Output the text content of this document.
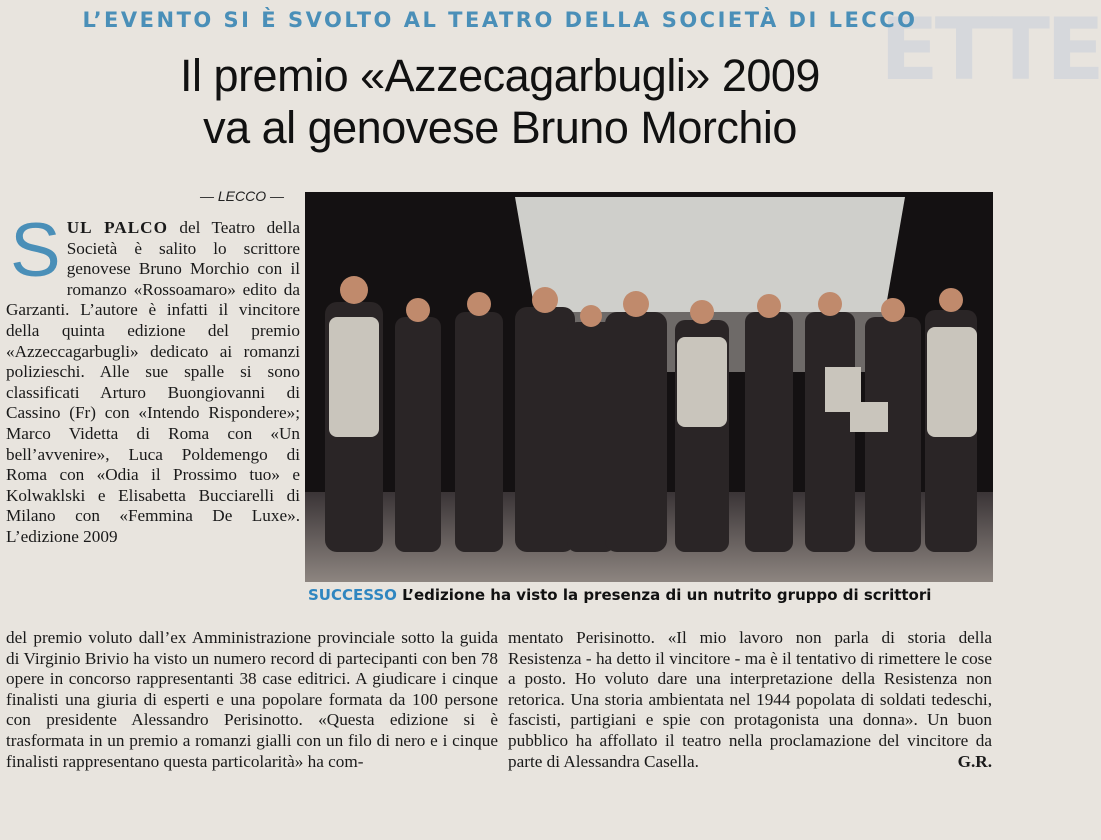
ETTE
L’EVENTO SI È SVOLTO AL TEATRO DELLA SOCIETÀ DI LECCO
Il premio «Azzecagarbugli» 2009
va al genovese Bruno Morchio
— LECCO —
SUL PALCO del Teatro della Società è salito lo scrittore genovese Bruno Morchio con il romanzo «Rossoamaro» edito da Garzanti. L’autore è infatti il vincitore della quinta edizione del premio «Azzeccagarbugli» dedicato ai romanzi polizieschi. Alle sue spalle si sono classificati Arturo Buongiovanni di Cassino (Fr) con «Intendo Rispondere»; Marco Videtta di Roma con «Un bell’avvenire», Luca Poldemengo di Roma con «Odia il Prossimo tuo» e Kolwaklski e Elisabetta Bucciarelli di Milano con «Femmina De Luxe». L’edizione 2009
SUCCESSO L’edizione ha visto la presenza di un nutrito gruppo di scrittori
del premio voluto dall’ex Amministrazione provinciale sotto la guida di Virginio Brivio ha visto un numero record di partecipanti con ben 78 opere in concorso rappresentanti 38 case editrici. A giudicare i cinque finalisti una giuria di esperti e una popolare formata da 100 persone con presidente Alessandro Perisinotto. «Questa edizione si è trasformata in un premio a romanzi gialli con un filo di nero e i cinque finalisti rappresentano questa particolarità» ha com-
mentato Perisinotto. «Il mio lavoro non parla di storia della Resistenza - ha detto il vincitore - ma è il tentativo di rimettere le cose a posto. Ho voluto dare una interpretazione della Resistenza non retorica. Una storia ambientata nel 1944 popolata di soldati tedeschi, fascisti, partigiani e spie con protagonista una donna». Un buon pubblico ha affollato il teatro nella proclamazione del vincitore da parte di Alessandra Casella.	G.R.
